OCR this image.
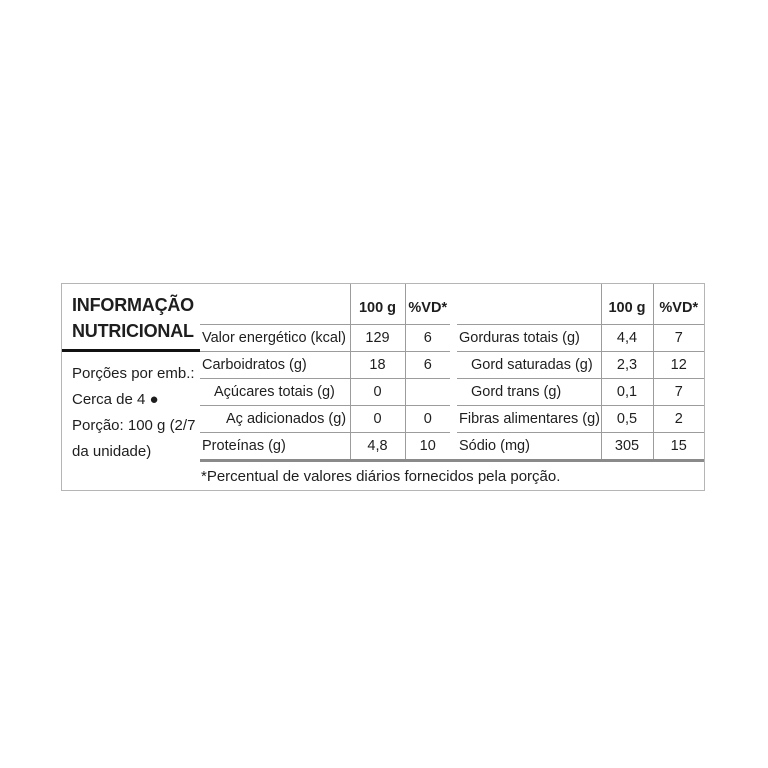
INFORMAÇÃO
NUTRICIONAL
Porções por emb.:
Cerca de 4 ●
Porção: 100 g (2/7 da unidade)
	100 g	%VD*
Valor energético (kcal)	129	6
Carboidratos (g)	18	6
Açúcares totais (g)	0	
Aç adicionados (g)	0	0
Proteínas (g)	4,8	10
	100 g	%VD*
Gorduras totais (g)	4,4	7
Gord saturadas (g)	2,3	12
Gord trans (g)	0,1	7
Fibras alimentares (g)	0,5	2
Sódio (mg)	305	15
*Percentual de valores diários fornecidos pela porção.
